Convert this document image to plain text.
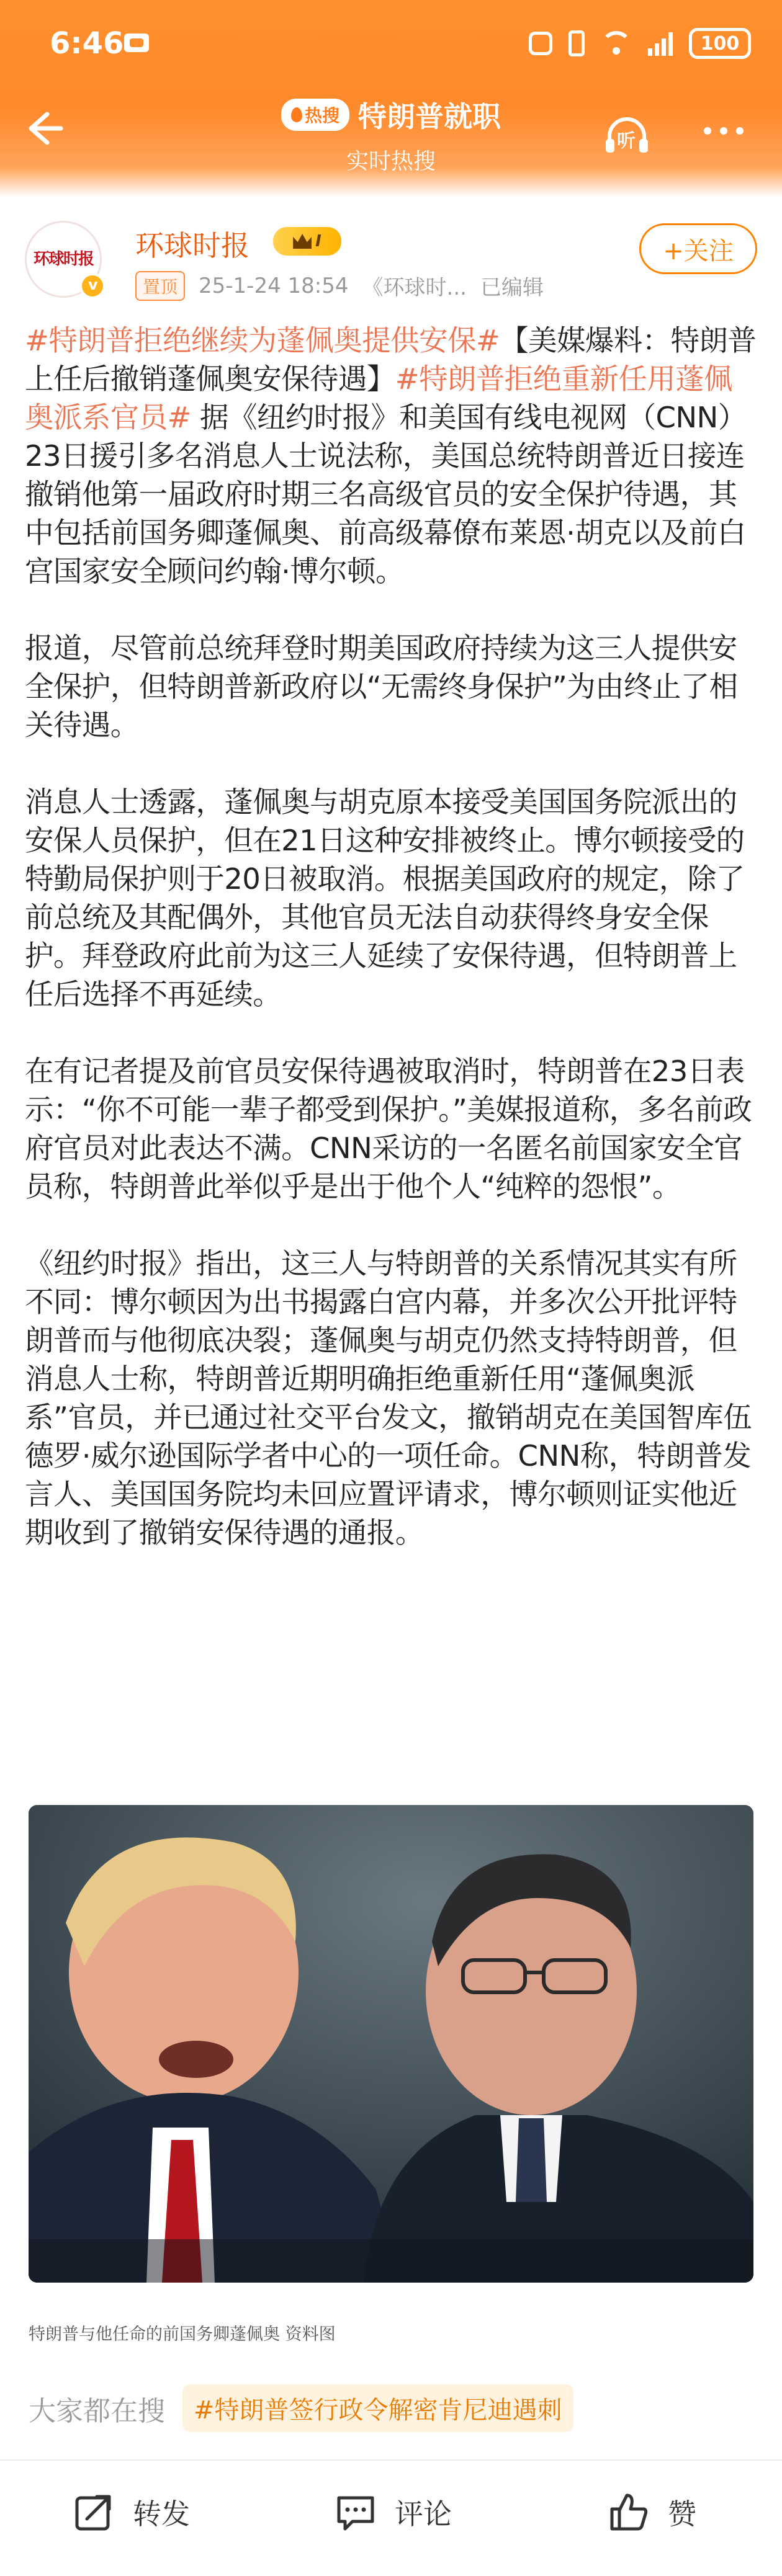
6:46	100
热搜 特朗普就职
实时热搜
听
环球时报
v 环球时报	I	+关注
置顶	25-1-24 18:54 《环球时... 已编辑

#特朗普拒绝继续为蓬佩奥提供安保#【美媒爆料：特朗普上任后撤销蓬佩奥安保待遇】#特朗普拒绝重新任用蓬佩奥派系官员# 据《纽约时报》和美国有线电视网（CNN）23日援引多名消息人士说法称，美国总统特朗普近日接连撤销他第一届政府时期三名高级官员的安全保护待遇，其中包括前国务卿蓬佩奥、前高级幕僚布莱恩·胡克以及前白宫国家安全顾问约翰·博尔顿。

报道，尽管前总统拜登时期美国政府持续为这三人提供安全保护，但特朗普新政府以“无需终身保护”为由终止了相关待遇。

消息人士透露，蓬佩奥与胡克原本接受美国国务院派出的安保人员保护，但在21日这种安排被终止。博尔顿接受的特勤局保护则于20日被取消。根据美国政府的规定，除了前总统及其配偶外，其他官员无法自动获得终身安全保护。拜登政府此前为这三人延续了安保待遇，但特朗普上任后选择不再延续。

在有记者提及前官员安保待遇被取消时，特朗普在23日表示：“你不可能一辈子都受到保护。”美媒报道称，多名前政府官员对此表达不满。CNN采访的一名匿名前国家安全官员称，特朗普此举似乎是出于他个人“纯粹的怨恨”。

《纽约时报》指出，这三人与特朗普的关系情况其实有所不同：博尔顿因为出书揭露白宫内幕，并多次公开批评特朗普而与他彻底决裂；蓬佩奥与胡克仍然支持特朗普，但消息人士称，特朗普近期明确拒绝重新任用“蓬佩奥派系”官员，并已通过社交平台发文，撤销胡克在美国智库伍德罗·威尔逊国际学者中心的一项任命。CNN称，特朗普发言人、美国国务院均未回应置评请求，博尔顿则证实他近期收到了撤销安保待遇的通报。

特朗普与他任命的前国务卿蓬佩奥 资料图
大家都在搜	#特朗普签行政令解密肯尼迪遇刺
转发	评论	赞
